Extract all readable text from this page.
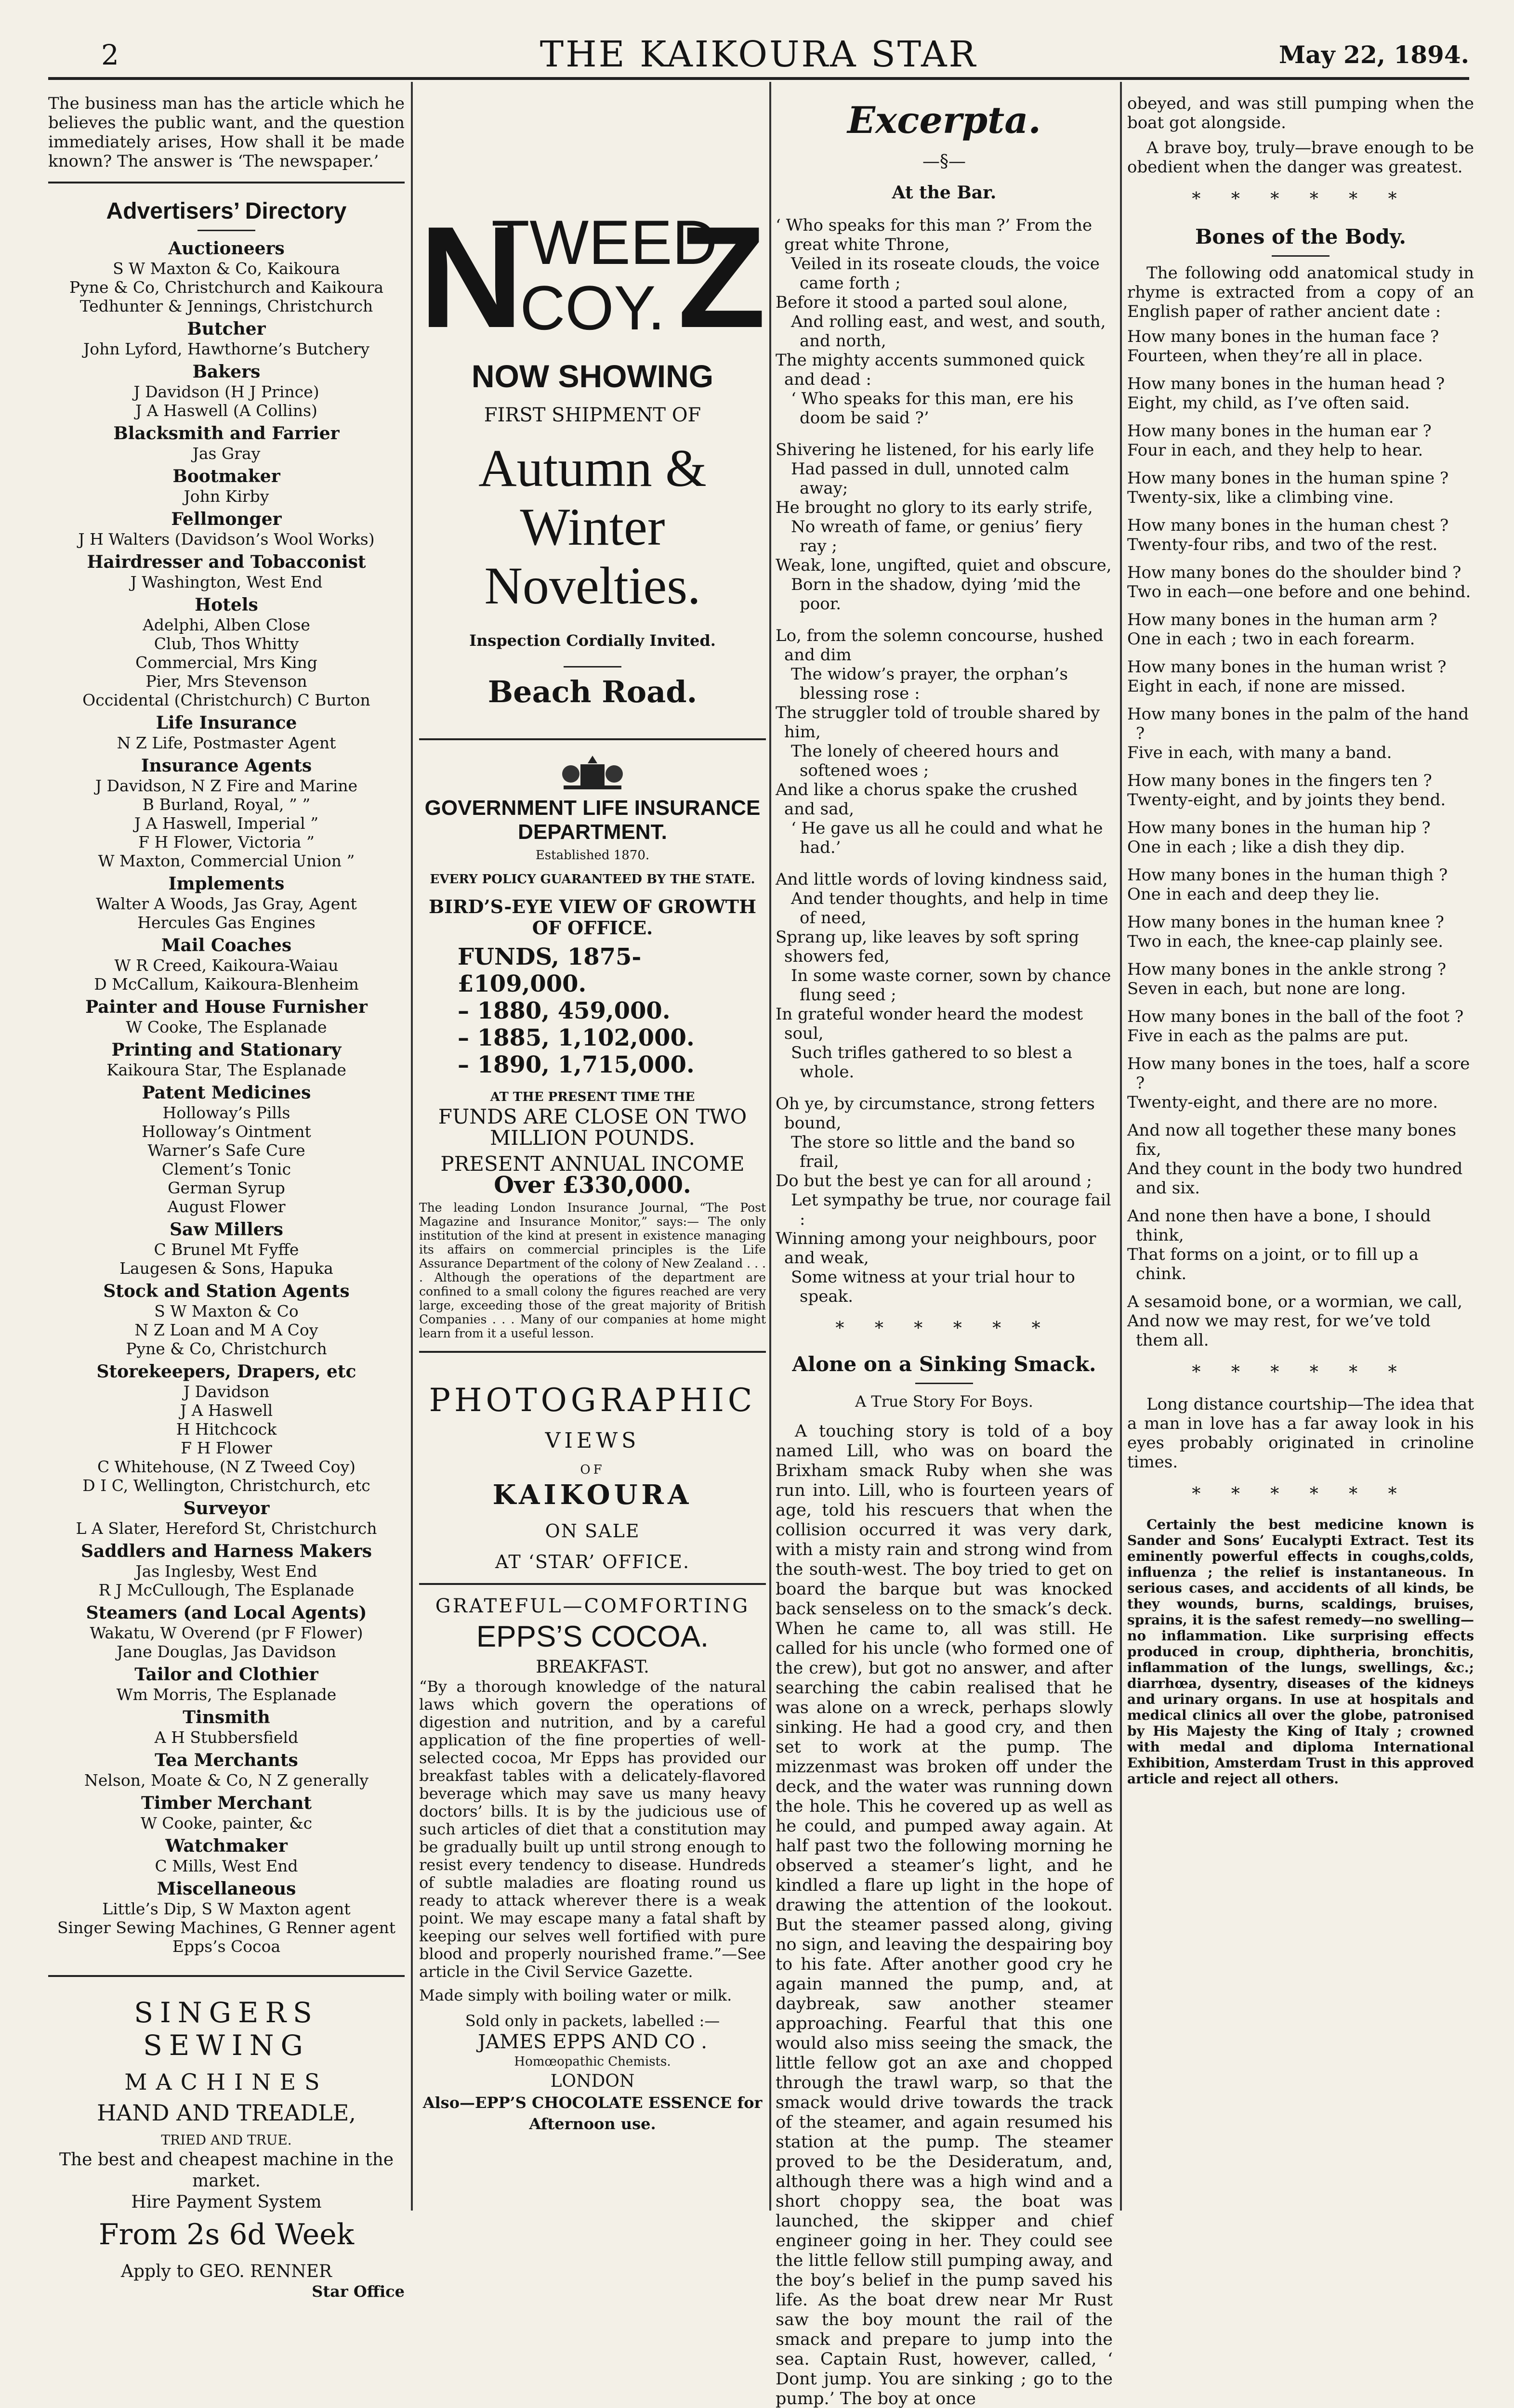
2	THE KAIKOURA STAR	May 22, 1894.

The business man has the article which he believes the public want, and the question immediately arises, How shall it be made known? The answer is ‘The newspaper.’

Advertisers’ Directory
Auctioneers
S W Maxton & Co, Kaikoura
Pyne & Co, Christchurch and Kaikoura
Tedhunter & Jennings, Christchurch
Butcher
John Lyford, Hawthorne’s Butchery
Bakers
J Davidson (H J Prince)
J A Haswell (A Collins)
Blacksmith and Farrier
Jas Gray
Bootmaker
John Kirby
Fellmonger
J H Walters (Davidson’s Wool Works)
Hairdresser and Tobacconist
J Washington, West End
Hotels
Adelphi, Alben Close
Club, Thos Whitty
Commercial, Mrs King
Pier, Mrs Stevenson
Occidental (Christchurch) C Burton
Life Insurance
N Z Life, Postmaster Agent
Insurance Agents
J Davidson, N Z Fire and Marine
B Burland, Royal, ” ”
J A Haswell, Imperial ”
F H Flower, Victoria ”
W Maxton, Commercial Union ”
Implements
Walter A Woods, Jas Gray, Agent
Hercules Gas Engines
Mail Coaches
W R Creed, Kaikoura-Waiau
D McCallum, Kaikoura-Blenheim
Painter and House Furnisher
W Cooke, The Esplanade
Printing and Stationary
Kaikoura Star, The Esplanade
Patent Medicines
Holloway’s Pills
Holloway’s Ointment
Warner’s Safe Cure
Clement’s Tonic
German Syrup
August Flower
Saw Millers
C Brunel Mt Fyffe
Laugesen & Sons, Hapuka
Stock and Station Agents
S W Maxton & Co
N Z Loan and M A Coy
Pyne & Co, Christchurch
Storekeepers, Drapers, etc
J Davidson
J A Haswell
H Hitchcock
F H Flower
C Whitehouse, (N Z Tweed Coy)
D I C, Wellington, Christchurch, etc
Surveyor
L A Slater, Hereford St, Christchurch
Saddlers and Harness Makers
Jas Inglesby, West End
R J McCullough, The Esplanade
Steamers (and Local Agents)
Wakatu, W Overend (pr F Flower)
Jane Douglas, Jas Davidson
Tailor and Clothier
Wm Morris, The Esplanade
Tinsmith
A H Stubbersfield
Tea Merchants
Nelson, Moate & Co, N Z generally
Timber Merchant
W Cooke, painter, &c
Watchmaker
C Mills, West End
Miscellaneous
Little’s Dip, S W Maxton agent
Singer Sewing Machines, G Renner agent
Epps’s Cocoa
SINGERS SEWING
MACHINES
HAND AND TREADLE,
TRIED AND TRUE.
The best and cheapest machine in the market.
Hire Payment System
From 2s 6d Week
Apply to GEO. RENNER
Star Office
N
TWEED
COY. Z
NOW SHOWING
FIRST SHIPMENT OF
Autumn & Winter
Novelties.
Inspection Cordially Invited.
Beach Road.
GOVERNMENT LIFE INSURANCE DEPARTMENT.
Established 1870.
EVERY POLICY GUARANTEED BY THE STATE.
BIRD’S-EYE VIEW OF GROWTH OF OFFICE.
FUNDS, 1875- £109,000.
– 1880, 459,000.
– 1885, 1,102,000.
– 1890, 1,715,000.
AT THE PRESENT TIME THE
FUNDS ARE CLOSE ON TWO MILLION POUNDS.
PRESENT ANNUAL INCOME
Over £330,000.

The leading London Insurance Journal, “The Post Magazine and Insurance Monitor,” says:— The only institution of the kind at present in existence managing its affairs on commercial principles is the Life Assurance Department of the colony of New Zealand . . . . Although the operations of the department are confined to a small colony the figures reached are very large, exceeding those of the great majority of British Companies . . . Many of our companies at home might learn from it a useful lesson.

PHOTOGRAPHIC
VIEWS
OF
KAIKOURA
ON SALE
AT ‘STAR’ OFFICE.
GRATEFUL—COMFORTING
EPPS’S COCOA.
BREAKFAST.

“By a thorough knowledge of the natural laws which govern the operations of digestion and nutrition, and by a careful application of the fine properties of well-selected cocoa, Mr Epps has provided our breakfast tables with a delicately-flavored beverage which may save us many heavy doctors’ bills. It is by the judicious use of such articles of diet that a constitution may be gradually built up until strong enough to resist every tendency to disease. Hundreds of subtle maladies are floating round us ready to attack wherever there is a weak point. We may escape many a fatal shaft by keeping our selves well fortified with pure blood and properly nourished frame.”—See article in the Civil Service Gazette.

Made simply with boiling water or milk.

Sold only in packets, labelled :—
JAMES EPPS AND CO .
Homœopathic Chemists.
LONDON
Also—EPP’S CHOCOLATE ESSENCE for Afternoon use.
Excerpta.
—§—
At the Bar.

‘ Who speaks for this man ?’ From the great white Throne,

Veiled in its roseate clouds, the voice came forth ;

Before it stood a parted soul alone,

And rolling east, and west, and south, and north,

The mighty accents summoned quick and dead :

‘ Who speaks for this man, ere his doom be said ?’

Shivering he listened, for his early life

Had passed in dull, unnoted calm away;

He brought no glory to its early strife,

No wreath of fame, or genius’ fiery ray ;

Weak, lone, ungifted, quiet and obscure,

Born in the shadow, dying ’mid the poor.

Lo, from the solemn concourse, hushed and dim

The widow’s prayer, the orphan’s blessing rose :

The struggler told of trouble shared by him,

The lonely of cheered hours and softened woes ;

And like a chorus spake the crushed and sad,

‘ He gave us all he could and what he had.’

And little words of loving kindness said,

And tender thoughts, and help in time of need,

Sprang up, like leaves by soft spring showers fed,

In some waste corner, sown by chance flung seed ;

In grateful wonder heard the modest soul,

Such trifles gathered to so blest a whole.

Oh ye, by circumstance, strong fetters bound,

The store so little and the band so frail,

Do but the best ye can for all around ;

Let sympathy be true, nor courage fail :

Winning among your neighbours, poor and weak,

Some witness at your trial hour to speak.

* * * * * *
Alone on a Sinking Smack.
A True Story For Boys.

A touching story is told of a boy named Lill, who was on board the Brixham smack Ruby when she was run into. Lill, who is fourteen years of age, told his rescuers that when the collision occurred it was very dark, with a misty rain and strong wind from the south-west. The boy tried to get on board the barque but was knocked back senseless on to the smack’s deck. When he came to, all was still. He called for his uncle (who formed one of the crew), but got no answer, and after searching the cabin realised that he was alone on a wreck, perhaps slowly sinking. He had a good cry, and then set to work at the pump. The mizzenmast was broken off under the deck, and the water was running down the hole. This he covered up as well as he could, and pumped away again. At half past two the following morning he observed a steamer’s light, and he kindled a flare up light in the hope of drawing the attention of the lookout. But the steamer passed along, giving no sign, and leaving the despairing boy to his fate. After another good cry he again manned the pump, and, at daybreak, saw another steamer approaching. Fearful that this one would also miss seeing the smack, the little fellow got an axe and chopped through the trawl warp, so that the smack would drive towards the track of the steamer, and again resumed his station at the pump. The steamer proved to be the Desideratum, and, although there was a high wind and a short choppy sea, the boat was launched, the skipper and chief engineer going in her. They could see the little fellow still pumping away, and the boy’s belief in the pump saved his life. As the boat drew near Mr Rust saw the boy mount the rail of the smack and prepare to jump into the sea. Captain Rust, however, called, ‘ Dont jump. You are sinking ; go to the pump.’ The boy at once

obeyed, and was still pumping when the boat got alongside.

A brave boy, truly—brave enough to be obedient when the danger was greatest.

* * * * * *
Bones of the Body.

The following odd anatomical study in rhyme is extracted from a copy of an English paper of rather ancient date :

How many bones in the human face ?

Fourteen, when they’re all in place.

How many bones in the human head ?

Eight, my child, as I’ve often said.

How many bones in the human ear ?

Four in each, and they help to hear.

How many bones in the human spine ?

Twenty-six, like a climbing vine.

How many bones in the human chest ?

Twenty-four ribs, and two of the rest.

How many bones do the shoulder bind ?

Two in each—one before and one behind.

How many bones in the human arm ?

One in each ; two in each forearm.

How many bones in the human wrist ?

Eight in each, if none are missed.

How many bones in the palm of the hand ?

Five in each, with many a band.

How many bones in the fingers ten ?

Twenty-eight, and by joints they bend.

How many bones in the human hip ?

One in each ; like a dish they dip.

How many bones in the human thigh ?

One in each and deep they lie.

How many bones in the human knee ?

Two in each, the knee-cap plainly see.

How many bones in the ankle strong ?

Seven in each, but none are long.

How many bones in the ball of the foot ?

Five in each as the palms are put.

How many bones in the toes, half a score ?

Twenty-eight, and there are no more.

And now all together these many bones fix,

And they count in the body two hundred and six.

And none then have a bone, I should think,

That forms on a joint, or to fill up a chink.

A sesamoid bone, or a wormian, we call,

And now we may rest, for we’ve told them all.

* * * * * *

Long distance courtship—The idea that a man in love has a far away look in his eyes probably originated in crinoline times.

* * * * * *

Certainly the best medicine known is Sander and Sons’ Eucalypti Extract. Test its eminently powerful effects in coughs,colds, influenza ; the relief is instantaneous. In serious cases, and accidents of all kinds, be they wounds, burns, scaldings, bruises, sprains, it is the safest remedy—no swelling—no inflammation. Like surprising effects produced in croup, diphtheria, bronchitis, inflammation of the lungs, swellings, &c.; diarrhœa, dysentry, diseases of the kidneys and urinary organs. In use at hospitals and medical clinics all over the globe, patronised by His Majesty the King of Italy ; crowned with medal and diploma International Exhibition, Amsterdam Trust in this approved article and reject all others.
